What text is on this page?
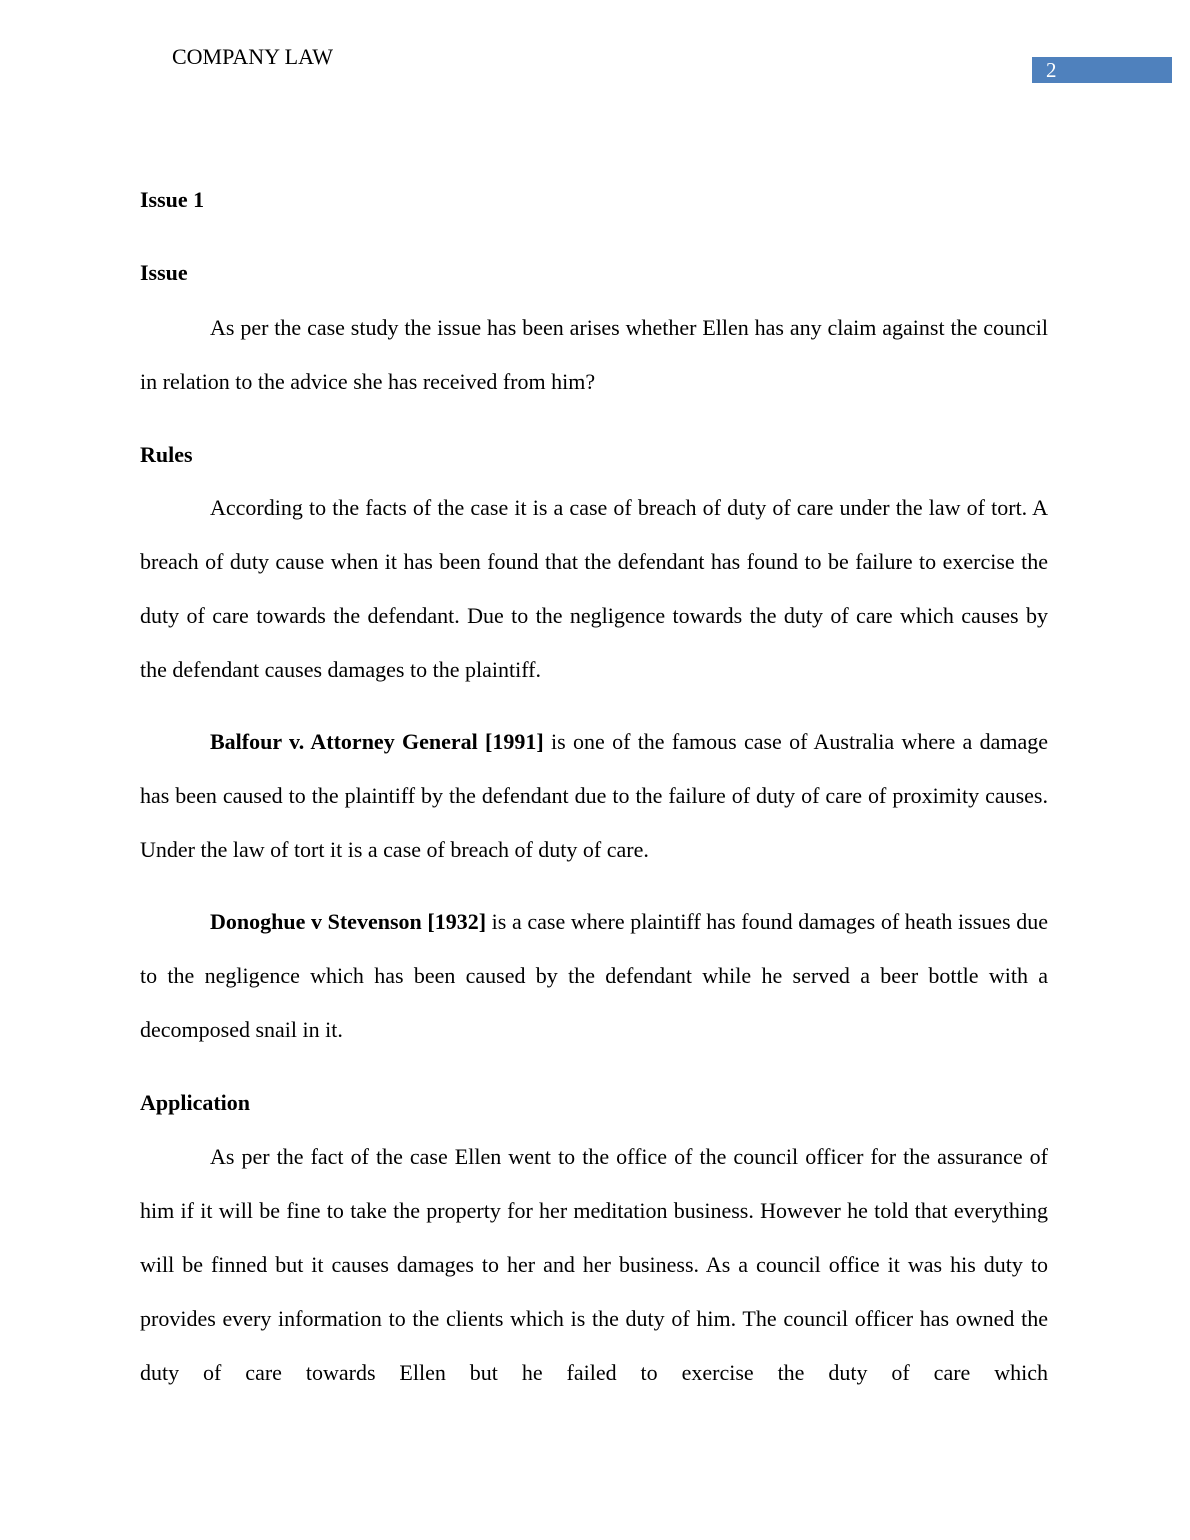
COMPANY LAW
2
Issue 1
Issue
As per the case study the issue has been arises whether Ellen has any claim against the council in relation to the advice she has received from him?
Rules
According to the facts of the case it is a case of breach of duty of care under the law of tort. A breach of duty cause when it has been found that the defendant has found to be failure to exercise the duty of care towards the defendant. Due to the negligence towards the duty of care which causes by the defendant causes damages to the plaintiff.
Balfour v. Attorney General [1991] is one of the famous case of Australia where a damage has been caused to the plaintiff by the defendant due to the failure of duty of care of proximity causes. Under the law of tort it is a case of breach of duty of care.
Donoghue v Stevenson [1932] is a case where plaintiff has found damages of heath issues due to the negligence which has been caused by the defendant while he served a beer bottle with a decomposed snail in it.
Application
As per the fact of the case Ellen went to the office of the council officer for the assurance of him if it will be fine to take the property for her meditation business. However he told that everything will be finned but it causes damages to her and her business. As a council office it was his duty to provides every information to the clients which is the duty of him. The council officer has owned the duty of care towards Ellen but he failed to exercise the duty of care which
